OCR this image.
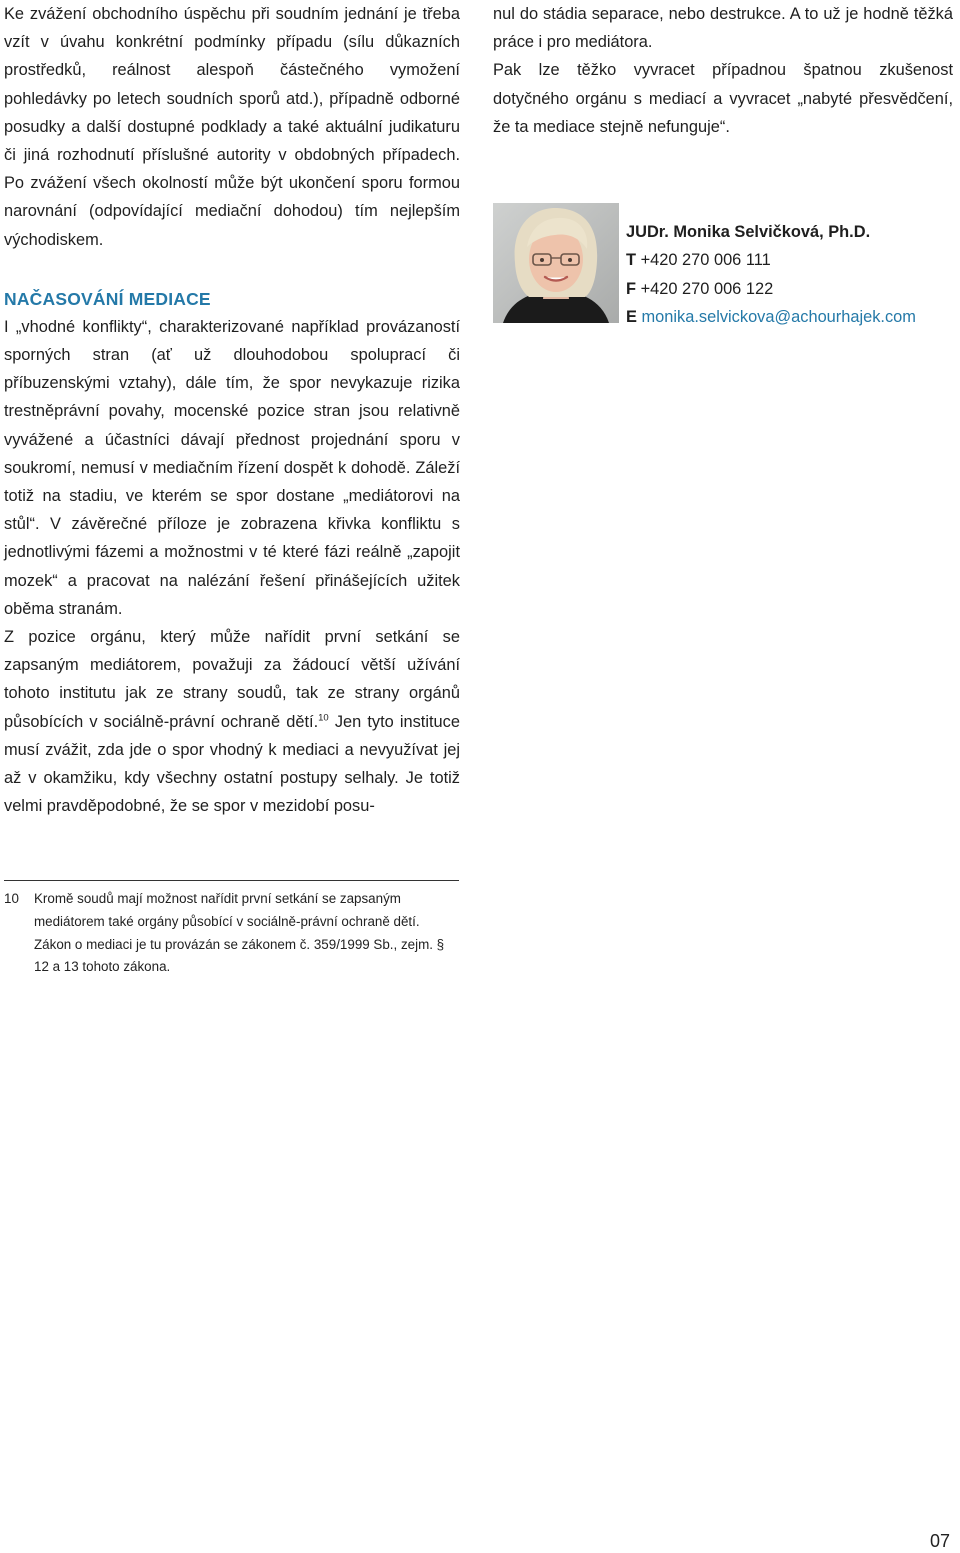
Ke zvážení obchodního úspěchu při soudním jednání je třeba vzít v úvahu konkrétní podmínky případu (sílu důkazních prostředků, reálnost alespoň částečného vymožení pohledávky po letech soudních sporů atd.), případně odborné posudky a další dostupné podklady a také aktuální judikaturu či jiná rozhodnutí příslušné autority v obdobných případech. Po zvážení všech okolností může být ukončení sporu formou narovnání (odpovídající mediační dohodou) tím nejlepším východiskem.

NAČASOVÁNÍ MEDIACE

I „vhodné konflikty“, charakterizované například provázaností sporných stran (ať už dlouhodobou spoluprací či příbuzenskými vztahy), dále tím, že spor nevykazuje rizika trestněprávní povahy, mocenské pozice stran jsou relativně vyvážené a účastníci dávají přednost projednání sporu v soukromí, nemusí v mediačním řízení dospět k dohodě. Záleží totiž na stadiu, ve kterém se spor dostane „mediátorovi na stůl“. V závěrečné příloze je zobrazena křivka konfliktu s jednotlivými fázemi a možnostmi v té které fázi reálně „zapojit mozek“ a pracovat na nalézání řešení přinášejících užitek oběma stranám.

Z pozice orgánu, který může nařídit první setkání se zapsaným mediátorem, považuji za žádoucí větší užívání tohoto institutu jak ze strany soudů, tak ze strany orgánů působících v sociálně-právní ochraně dětí.$^{10}$ Jen tyto instituce musí zvážit, zda jde o spor vhodný k mediaci a nevyužívat jej až v okamžiku, kdy všechny ostatní postupy selhaly. Je totiž velmi pravděpodobné, že se spor v mezidobí posu-

nul do stádia separace, nebo destrukce. A to už je hodně těžká práce i pro mediátora.

Pak lze těžko vyvracet případnou špatnou zkušenost dotyčného orgánu s mediací a vyvracet „nabyté přesvědčení, že ta mediace stejně nefunguje“.

JUDr. Monika Selvičková, Ph.D.
T +420 270 006 111
F +420 270 006 122
E monika.selvickova@achourhajek.com
10	Kromě soudů mají možnost nařídit první setkání se zapsaným mediátorem také orgány působící v sociálně-právní ochraně dětí. Zákon o mediaci je tu provázán se zákonem č. 359/1999 Sb., zejm. § 12 a 13 tohoto zákona.
07
